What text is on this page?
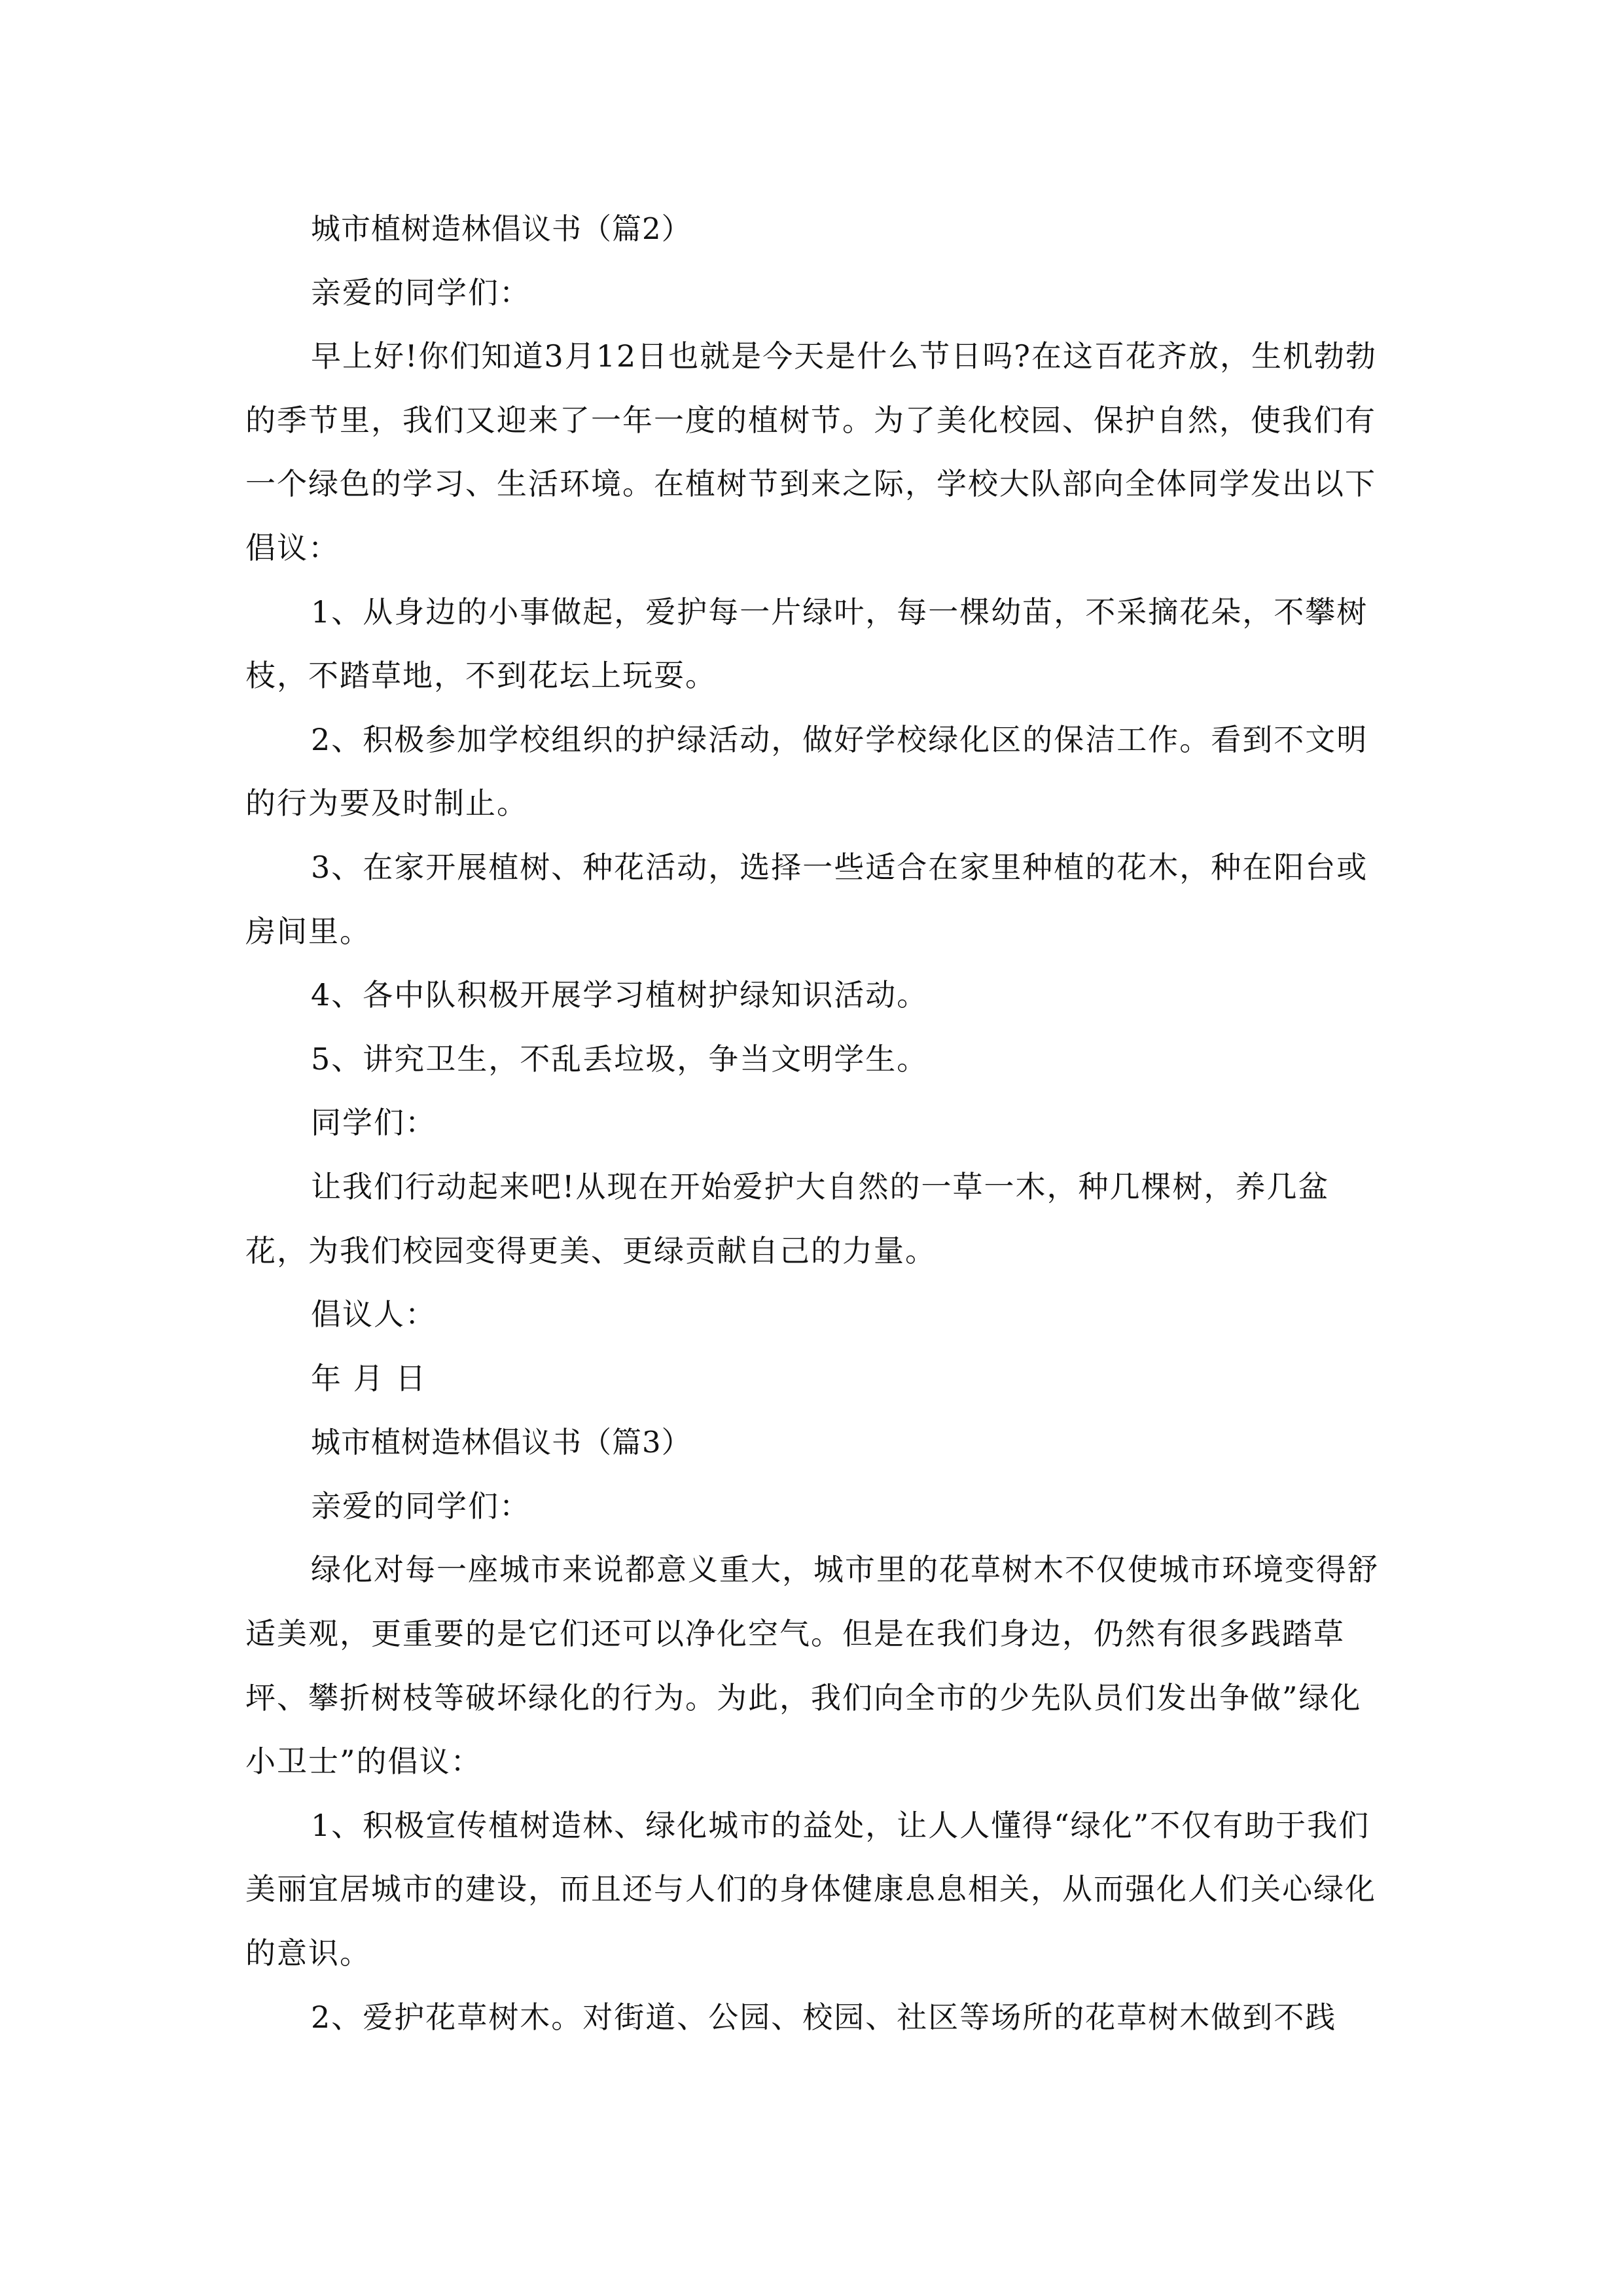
城市植树造林倡议书（篇2）

亲爱的同学们：

早上好!你们知道3月12日也就是今天是什么节日吗?在这百花齐放，生机勃勃的季节里，我们又迎来了一年一度的植树节。为了美化校园、保护自然，使我们有一个绿色的学习、生活环境。在植树节到来之际，学校大队部向全体同学发出以下倡议：

1、从身边的小事做起，爱护每一片绿叶，每一棵幼苗，不采摘花朵，不攀树枝，不踏草地，不到花坛上玩耍。

2、积极参加学校组织的护绿活动，做好学校绿化区的保洁工作。看到不文明的行为要及时制止。

3、在家开展植树、种花活动，选择一些适合在家里种植的花木，种在阳台或房间里。

4、各中队积极开展学习植树护绿知识活动。

5、讲究卫生，不乱丢垃圾，争当文明学生。

同学们：

让我们行动起来吧!从现在开始爱护大自然的一草一木，种几棵树，养几盆花，为我们校园变得更美、更绿贡献自己的力量。

倡议人：

年 月 日

城市植树造林倡议书（篇3）

亲爱的同学们：

绿化对每一座城市来说都意义重大，城市里的花草树木不仅使城市环境变得舒适美观，更重要的是它们还可以净化空气。但是在我们身边，仍然有很多践踏草坪、攀折树枝等破坏绿化的行为。为此，我们向全市的少先队员们发出争做”绿化小卫士”的倡议：

1、积极宣传植树造林、绿化城市的益处，让人人懂得“绿化”不仅有助于我们美丽宜居城市的建设，而且还与人们的身体健康息息相关，从而强化人们关心绿化的意识。

2、爱护花草树木。对街道、公园、校园、社区等场所的花草树木做到不践
